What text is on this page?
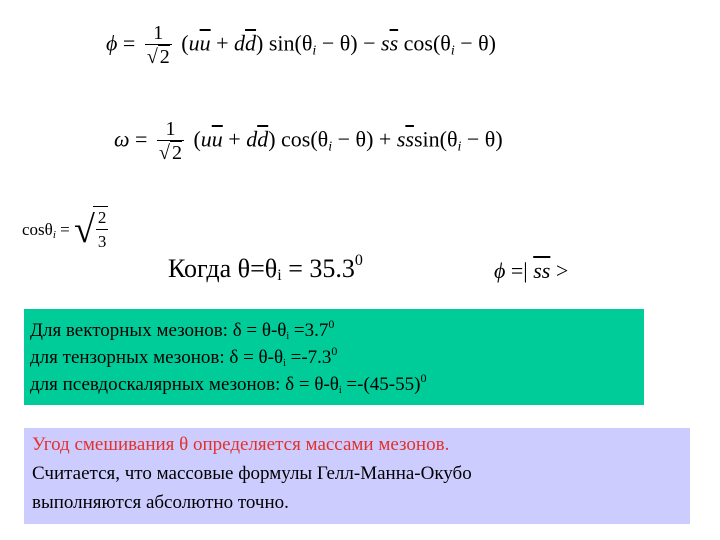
$\phi = \frac{1}{√ 2} (u\overline{u} + d\overline{d}) \sin(\theta_i - \theta) - s\overline{s}$ $\cos(\theta_i - \theta)$
$\omega = \frac{1}{√ 2} (u\overline{u} + d\overline{d}) \cos(\theta_i - \theta) + s\overline{s}\sin(\theta_i - \theta)$
cosθ$_i$ = √
$\frac{2}{3}$
Когда $\theta=\theta_i = 35.3^0$	ϕ =| $\overline{ss}$ >
Для векторных мезонов: $\delta = \theta-\theta_i =3.7^0$
для тензорных мезонов: $\delta = \theta-\theta_i =-7.3^0$
для псевдоскалярных мезонов: $\delta = \theta-\theta_i =-(45-55)^0$
Угод смешивания θ определяется массами мезонов.
Считается, что массовые формулы Гелл-Манна-Окубо
выполняются абсолютно точно.
